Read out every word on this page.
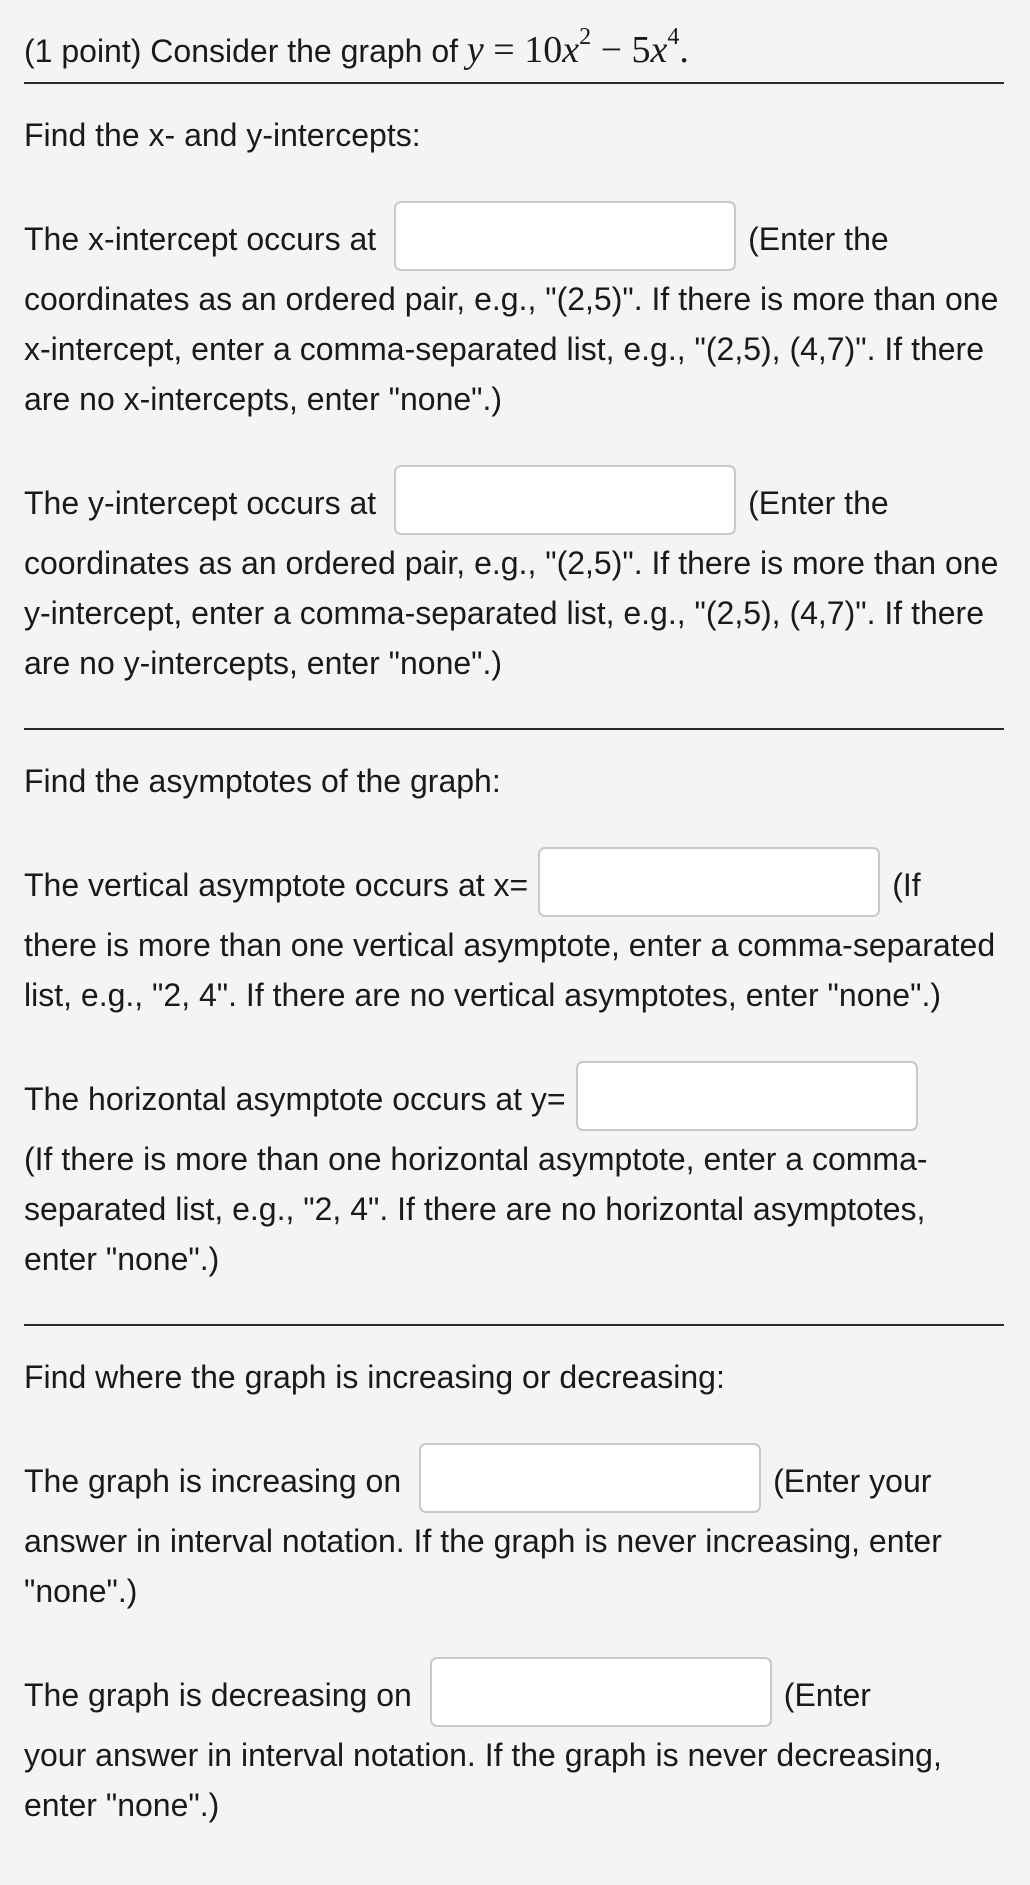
(1 point) Consider the graph of $y = 10x^2 - 5x^4$.
Find the x- and y-intercepts:
The x-intercept occurs at	(Enter the

coordinates as an ordered pair, e.g., "(2,5)". If there is more than one x-intercept, enter a comma-separated list, e.g., "(2,5), (4,7)". If there are no x-intercepts, enter "none".)

The y-intercept occurs at	(Enter the

coordinates as an ordered pair, e.g., "(2,5)". If there is more than one y-intercept, enter a comma-separated list, e.g., "(2,5), (4,7)". If there are no y-intercepts, enter "none".)

Find the asymptotes of the graph:
The vertical asymptote occurs at x=	(If

there is more than one vertical asymptote, enter a comma-separated list, e.g., "2, 4". If there are no vertical asymptotes, enter "none".)

The horizontal asymptote occurs at y=

(If there is more than one horizontal asymptote, enter a comma-separated list, e.g., "2, 4". If there are no horizontal asymptotes, enter "none".)

Find where the graph is increasing or decreasing:
The graph is increasing on	(Enter your

answer in interval notation. If the graph is never increasing, enter "none".)

The graph is decreasing on	(Enter

your answer in interval notation. If the graph is never decreasing, enter "none".)
